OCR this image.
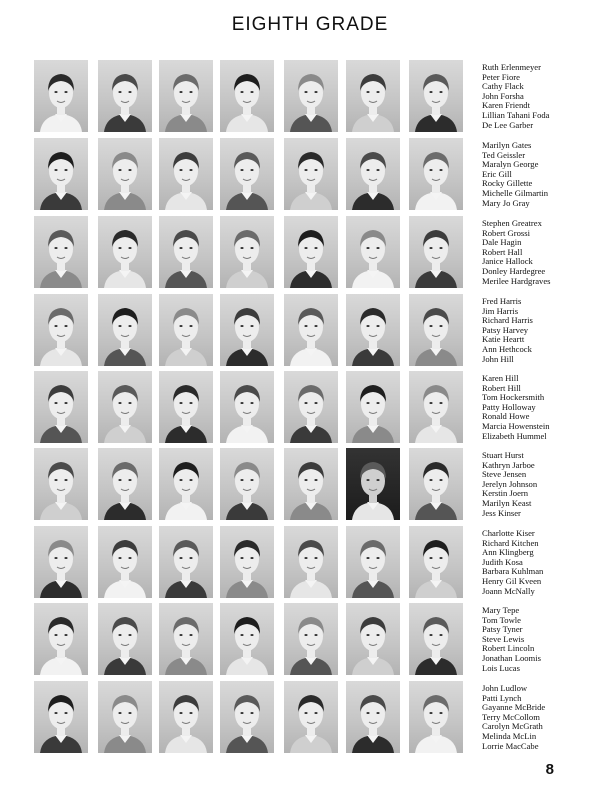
EIGHTH GRADE
Ruth Erlenmeyer
Peter Fiore
Cathy Flack
John Forsha
Karen Friendt
Lillian Tahani Foda
De Lee Garber
Marilyn Gates
Ted Geissler
Maralyn George
Eric Gill
Rocky Gillette
Michelle Gilmartin
Mary Jo Gray
Stephen Greatrex
Robert Grossi
Dale Hagin
Robert Hall
Janice Hallock
Donley Hardegree
Merilee Hardgraves
Fred Harris
Jim Harris
Richard Harris
Patsy Harvey
Katie Heartt
Ann Hethcock
John Hill
Karen Hill
Robert Hill
Tom Hockersmith
Patty Holloway
Ronald Howe
Marcia Howenstein
Elizabeth Hummel
Stuart Hurst
Kathryn Jarboe
Steve Jensen
Jerelyn Johnson
Kerstin Joern
Marilyn Keast
Jess Kinser
Charlotte Kiser
Richard Kitchen
Ann Klingberg
Judith Kosa
Barbara Kuhlman
Henry Gil Kveen
Joann McNally
Mary Tepe
Tom Towle
Patsy Tyner
Steve Lewis
Robert Lincoln
Jonathan Loomis
Lois Lucas
John Ludlow
Patti Lynch
Gayanne McBride
Terry McCollom
Carolyn McGrath
Melinda McLin
Lorrie MacCabe
8
